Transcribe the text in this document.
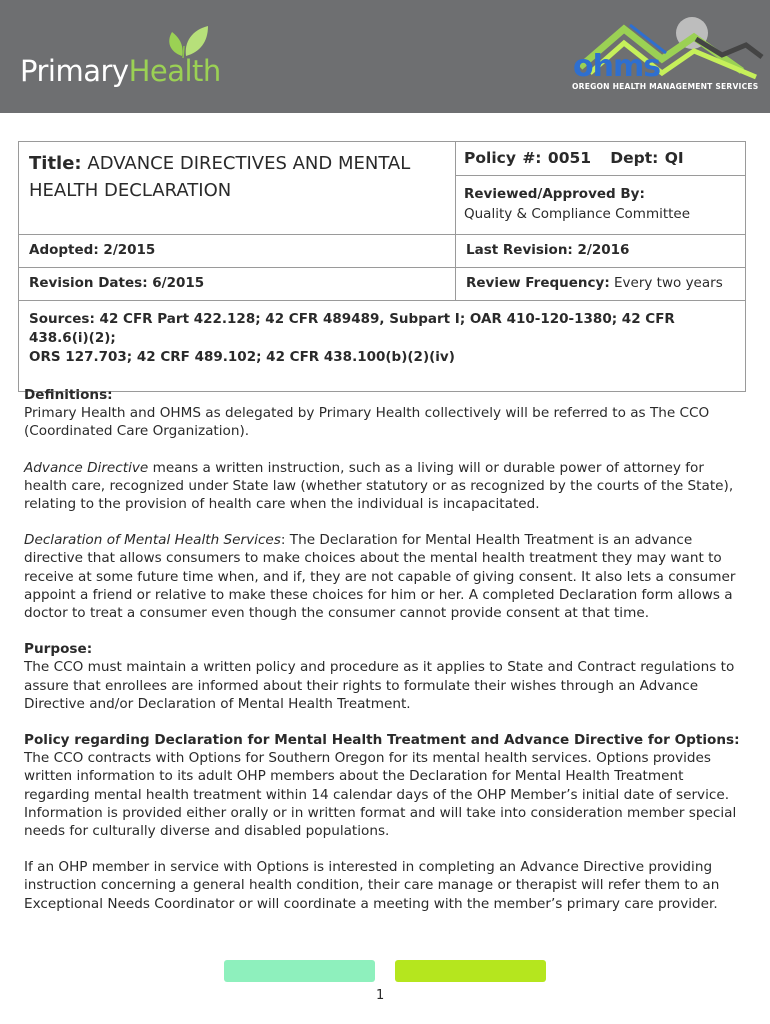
PrimaryHealth	ohms
OREGON HEALTH MANAGEMENT SERVICES
Title: ADVANCE DIRECTIVES AND MENTAL
HEALTH DECLARATION	Policy #: 0051   Dept: QI

	Reviewed/Approved By:
Quality & Compliance Committee

Adopted: 2/2015	Last Revision: 2/2016
Revision Dates: 6/2015	Review Frequency: Every two years

Sources: 42 CFR Part 422.128; 42 CFR 489489, Subpart I; OAR 410-120-1380; 42 CFR 438.6(i)(2);
ORS 127.703; 42 CRF 489.102; 42 CFR 438.100(b)(2)(iv)	

Definitions:
Primary Health and OHMS as delegated by Primary Health collectively will be referred to as The CCO (Coordinated Care Organization).

Advance Directive means a written instruction, such as a living will or durable power of attorney for health care, recognized under State law (whether statutory or as recognized by the courts of the State), relating to the provision of health care when the individual is incapacitated.

Declaration of Mental Health Services: The Declaration for Mental Health Treatment is an advance directive that allows consumers to make choices about the mental health treatment they may want to receive at some future time when, and if, they are not capable of giving consent. It also lets a consumer appoint a friend or relative to make these choices for him or her. A completed Declaration form allows a doctor to treat a consumer even though the consumer cannot provide consent at that time.

Purpose:
The CCO must maintain a written policy and procedure as it applies to State and Contract regulations to assure that enrollees are informed about their rights to formulate their wishes through an Advance Directive and/or Declaration of Mental Health Treatment.

Policy regarding Declaration for Mental Health Treatment and Advance Directive for Options:
The CCO contracts with Options for Southern Oregon for its mental health services. Options provides written information to its adult OHP members about the Declaration for Mental Health Treatment regarding mental health treatment within 14 calendar days of the OHP Member’s initial date of service. Information is provided either orally or in written format and will take into consideration member special needs for culturally diverse and disabled populations.

If an OHP member in service with Options is interested in completing an Advance Directive providing instruction concerning a general health condition, their care manage or therapist will refer them to an Exceptional Needs Coordinator or will coordinate a meeting with the member’s primary care provider.

1
